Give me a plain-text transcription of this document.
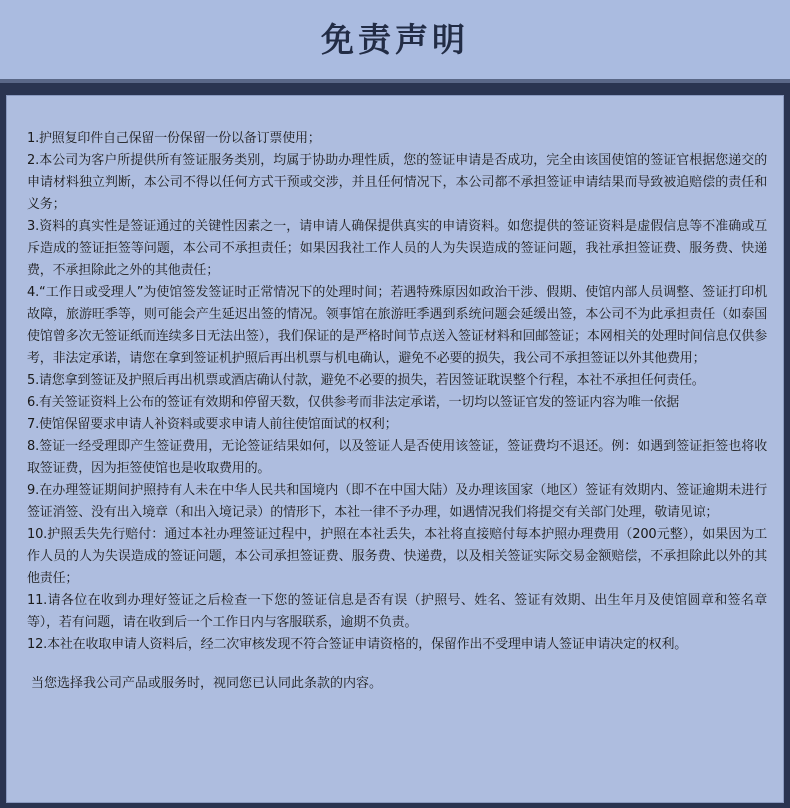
免责声明

1.护照复印件自己保留一份保留一份以备订票使用；

2.本公司为客户所提供所有签证服务类别，均属于协助办理性质，您的签证申请是否成功，完全由该国使馆的签证官根据您递交的申请材料独立判断，本公司不得以任何方式干预或交涉，并且任何情况下，本公司都不承担签证申请结果而导致被追赔偿的责任和义务；

3.资料的真实性是签证通过的关键性因素之一，请申请人确保提供真实的申请资料。如您提供的签证资料是虚假信息等不准确或互斥造成的签证拒签等问题，本公司不承担责任；如果因我社工作人员的人为失误造成的签证问题，我社承担签证费、服务费、快递费，不承担除此之外的其他责任；

4.“工作日或受理人”为使馆签发签证时正常情况下的处理时间；若遇特殊原因如政治干涉、假期、使馆内部人员调整、签证打印机故障，旅游旺季等，则可能会产生延迟出签的情况。领事馆在旅游旺季遇到系统问题会延缓出签，本公司不为此承担责任（如泰国使馆曾多次无签证纸而连续多日无法出签），我们保证的是严格时间节点送入签证材料和回邮签证；本网相关的处理时间信息仅供参考，非法定承诺，请您在拿到签证机护照后再出机票与机电确认，避免不必要的损失，我公司不承担签证以外其他费用；

5.请您拿到签证及护照后再出机票或酒店确认付款，避免不必要的损失，若因签证耽误整个行程，本社不承担任何责任。

6.有关签证资料上公布的签证有效期和停留天数，仅供参考而非法定承诺，一切均以签证官发的签证内容为唯一依据

7.使馆保留要求申请人补资料或要求申请人前往使馆面试的权利；

8.签证一经受理即产生签证费用，无论签证结果如何，以及签证人是否使用该签证，签证费均不退还。例：如遇到签证拒签也将收取签证费，因为拒签使馆也是收取费用的。

9.在办理签证期间护照持有人未在中华人民共和国境内（即不在中国大陆）及办理该国家（地区）签证有效期内、签证逾期未进行签证消签、没有出入境章（和出入境记录）的情形下，本社一律不予办理，如遇情况我们将提交有关部门处理，敬请见谅；

10.护照丢失先行赔付：通过本社办理签证过程中，护照在本社丢失，本社将直接赔付每本护照办理费用（200元整），如果因为工作人员的人为失误造成的签证问题，本公司承担签证费、服务费、快递费，以及相关签证实际交易金额赔偿，不承担除此以外的其他责任；

11.请各位在收到办理好签证之后检查一下您的签证信息是否有误（护照号、姓名、签证有效期、出生年月及使馆圆章和签名章等），若有问题，请在收到后一个工作日内与客服联系，逾期不负责。

12.本社在收取申请人资料后，经二次审核发现不符合签证申请资格的，保留作出不受理申请人签证申请决定的权利。

当您选择我公司产品或服务时，视同您已认同此条款的内容。
